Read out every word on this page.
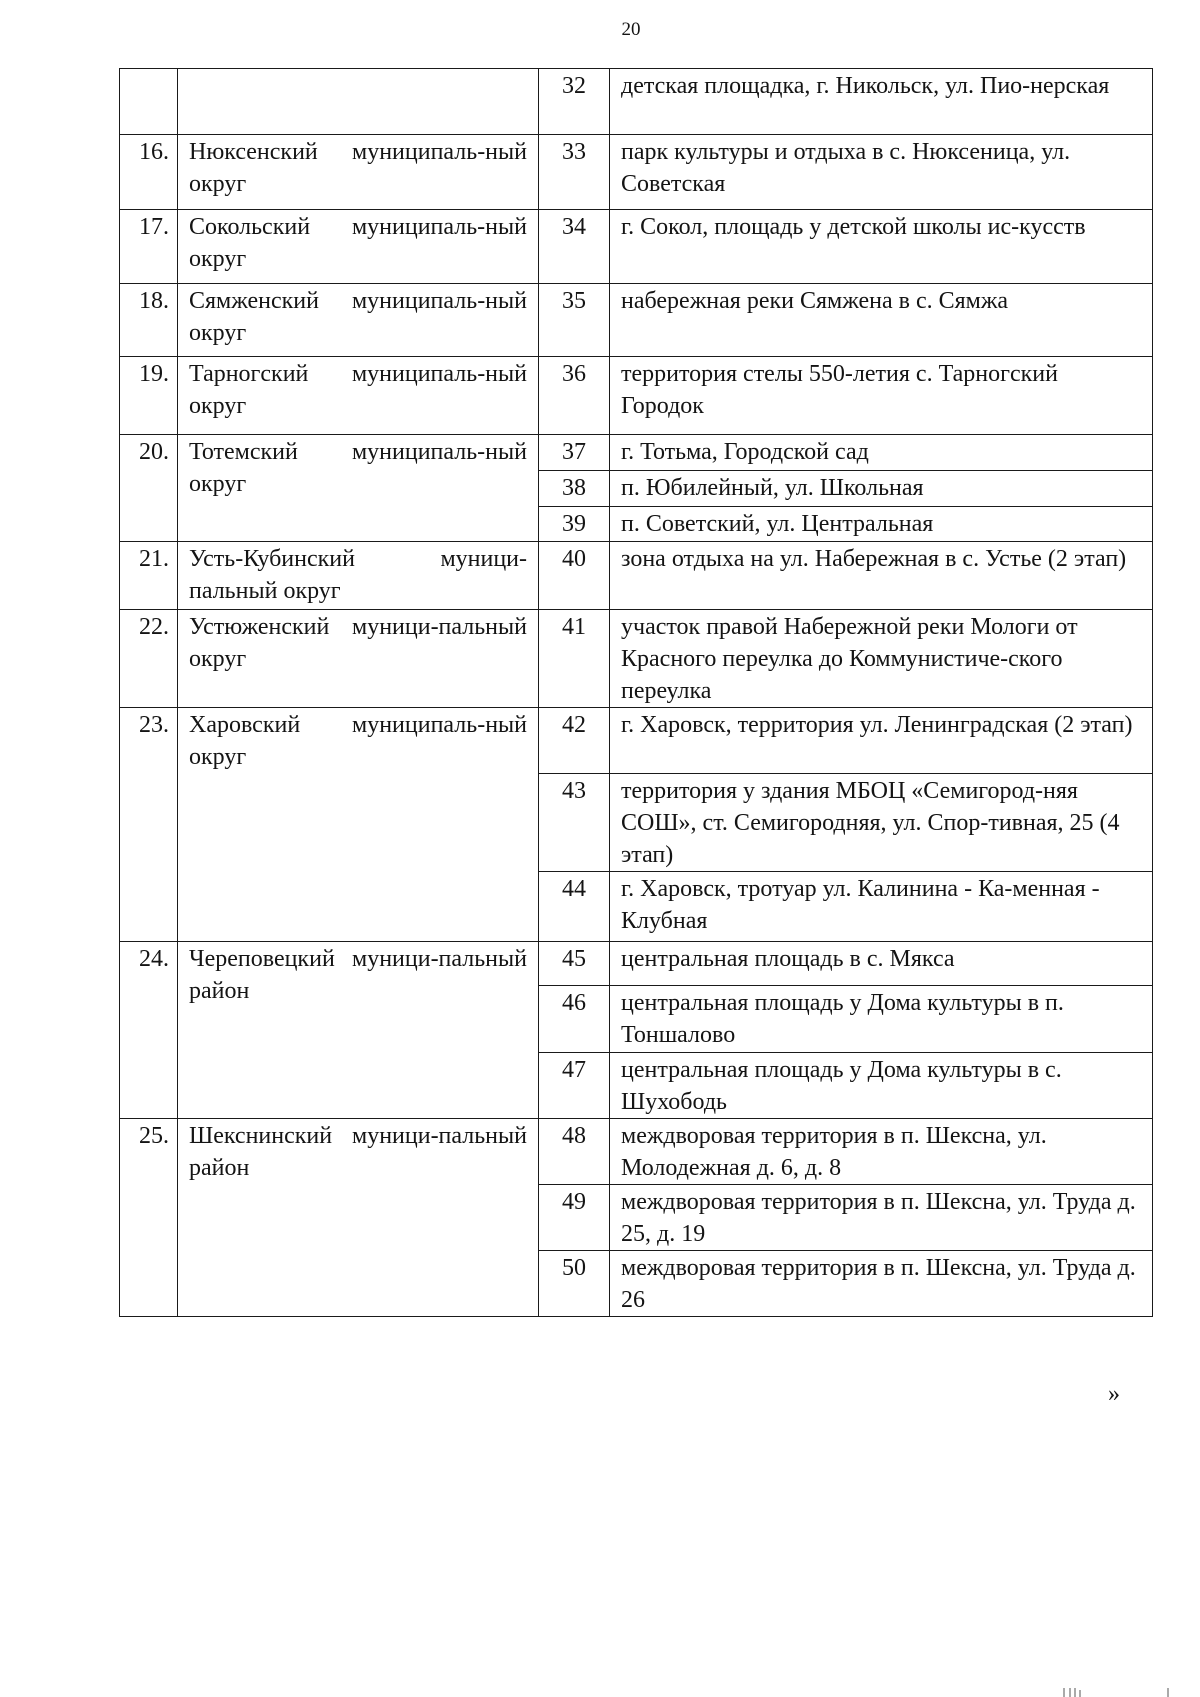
20
		32	детская площадка, г. Никольск, ул. Пио-нерская
16.	Нюксенский муниципаль-ный округ	33	парк культуры и отдыха в с. Нюксеница, ул. Советская
17.	Сокольский муниципаль-ный округ	34	г. Сокол, площадь у детской школы ис-кусств
18.	Сямженский муниципаль-ный округ	35	набережная реки Сямжена в с. Сямжа
19.	Тарногский муниципаль-ный округ	36	территория стелы 550-летия с. Тарногский Городок
20.	Тотемский муниципаль-ный округ	37	г. Тотьма, Городской сад
		38	п. Юбилейный, ул. Школьная
		39	п. Советский, ул. Центральная
21.	Усть-Кубинский муници-пальный округ	40	зона отдыха на ул. Набережная в с. Устье (2 этап)
22.	Устюженский муници-пальный округ	41	участок правой Набережной реки Мологи от Красного переулка до Коммунистиче-ского переулка
23.	Харовский муниципаль-ный округ	42	г. Харовск, территория ул. Ленинградская (2 этап)
		43	территория у здания МБОЦ «Семигород-няя СОШ», ст. Семигородняя, ул. Спор-тивная, 25 (4 этап)
		44	г. Харовск, тротуар ул. Калинина - Ка-менная - Клубная
24.	Череповецкий муници-пальный район	45	центральная площадь в с. Мякса
		46	центральная площадь у Дома культуры в п. Тоншалово
		47	центральная площадь у Дома культуры в с. Шухободь
25.	Шекснинский муници-пальный район	48	междворовая территория в п. Шексна, ул. Молодежная д. 6, д. 8
		49	междворовая территория в п. Шексна, ул. Труда д. 25, д. 19
		50	междворовая территория в п. Шексна, ул. Труда д. 26
»
